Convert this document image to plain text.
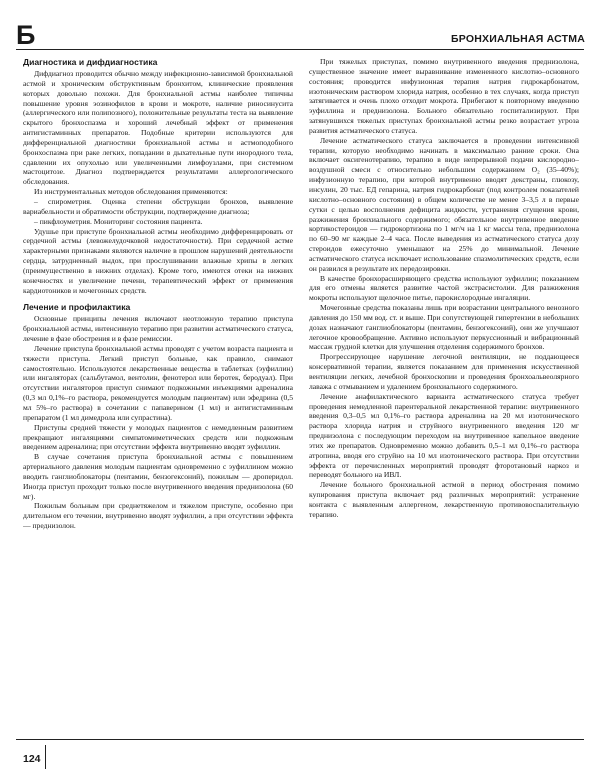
Б	БРОНХИАЛЬНАЯ АСТМА
Диагностика и дифдиагностика

Дифдиагноз проводится обычно между инфекционно-зависимой бронхиальной астмой и хроническим обструктивным бронхитом, клинические проявления которых довольно похожи. Для бронхиальной астмы наиболее типичны повышение уровня эозинофилов в крови и мокроте, наличие риносинусита (аллергического или полипозного), положительные результаты теста на выявление скрытого бронхоспазма и хороший лечебный эффект от применения антигистаминных препаратов. Подобные критерии используются для дифференциальной диагностики бронхиальной астмы и астмоподобного бронхоспазма при раке легких, попадании в дыхательные пути инородного тела, сдавлении их опухолью или увеличенными лимфоузлами, при системном мастоцитозе. Диагноз подтверждается результатами аллергологического обследования.

Из инструментальных методов обследования применяются:

– спирометрия. Оценка степени обструкции бронхов, выявление вариабельности и обратимости обструкции, подтверждение диагноза;

– пикфлоуметрия. Мониторинг состояния пациента.

Удушье при приступе бронхиальной астмы необходимо дифференцировать от сердечной астмы (левожелудочковой недостаточности). При сердечной астме характерными признаками являются наличие в прошлом нарушений деятельности сердца, затрудненный выдох, при прослушивании влажные хрипы в легких (преимущественно в нижних отделах). Кроме того, имеются отеки на нижних конечностях и увеличение печени, терапевтический эффект от применения кардиотоников и мочегонных средств.

Лечение и профилактика

Основные принципы лечения включают неотложную терапию приступа бронхиальной астмы, интенсивную терапию при развитии астматического статуса, лечение в фазе обострения и в фазе ремиссии.

Лечение приступа бронхиальной астмы проводят с учетом возраста пациента и тяжести приступа. Легкий приступ больные, как правило, снимают самостоятельно. Используются лекарственные вещества в таблетках (эуфиллин) или ингаляторах (сальбутамол, вентолин, фенотерол или беротек, беродуал). При отсутствии ингаляторов приступ снимают подкожными инъекциями адреналина (0,3 мл 0,1%–го раствора, рекомендуется молодым пациентам) или эфедрина (0,5 мл 5%–го раствора) в сочетании с папаверином (1 мл) и антигистаминным препаратом (1 мл димедрола или супрастина).

Приступы средней тяжести у молодых пациентов с немедленным развитием прекращают ингаляциями симпатомиметических средств или подкожным введением адреналина; при отсутствии эффекта внутривенно вводят эуфиллин.

В случае сочетания приступа бронхиальной астмы с повышением артериального давления молодым пациентам одновременно с эуфиллином можно вводить ганглиоблокаторы (пентамин, бензогексоний), пожилым — дроперидол. Иногда приступ проходит только после внутривенного введения преднизолона (60 мг).

Пожилым больным при среднетяжелом и тяжелом приступе, особенно при длительном его течении, внутривенно вводят эуфиллин, а при отсутствии эффекта — преднизолон.

При тяжелых приступах, помимо внутривенного введения преднизолона, существенное значение имеет выравнивание измененного кислотно–основного состояния; проводится инфузионная терапия натрия гидрокарбонатом, изотоническим раствором хлорида натрия, особенно в тех случаях, когда приступ затягивается и очень плохо отходит мокрота. Прибегают к повторному введению эуфиллина и преднизолона. Больного обязательно госпитализируют. При затянувшихся тяжелых приступах бронхиальной астмы резко возрастает угроза развития астматического статуса.

Лечение астматического статуса заключается в проведении интенсивной терапии, которую необходимо начинать в максимально ранние сроки. Она включает оксигенотерапию, терапию в виде непрерывной подачи кислородно–воздушной смеси с относительно небольшим содержанием O₂ (35–40%); инфузионную терапию, при которой внутривенно вводят декстраны, глюкозу, инсулин, 20 тыс. ЕД гепарина, натрия гидрокарбонат (под контролем показателей кислотно–основного состояния) в общем количестве не менее 3–3,5 л в первые сутки с целью восполнения дефицита жидкости, устранения сгущения крови, разжижения бронхиального содержимого; обязательное внутривенное введение кортикостероидов — гидрокортизона по 1 мг/ч на 1 кг массы тела, преднизолона по 60–90 мг каждые 2–4 часа. После выведения из астматического статуса дозу стероидов ежесуточно уменьшают на 25% до минимальной. Лечение астматического статуса исключает использование спазмолитических средств, если он развился в результате их передозировки.

В качестве бронхорасширяющего средства используют эуфиллин; показанием для его отмены является развитие частой экстрасистолии. Для разжижения мокроты используют щелочное питье, парокислородные ингаляции.

Мочегонные средства показаны лишь при возрастании центрального венозного давления до 150 мм вод. ст. и выше. При сопутствующей гипертензии в небольших дозах назначают ганглиоблокаторы (пентамин, бензогексоний), они же улучшают легочное кровообращение. Активно используют перкуссионный и вибрационный массаж грудной клетки для улучшения отделения содержимого бронхов.

Прогрессирующее нарушение легочной вентиляции, не поддающееся консервативной терапии, является показанием для применения искусственной вентиляции легких, лечебной бронхоскопии и проведения бронхоальвеолярного лаважа с отмыванием и удалением бронхиального содержимого.

Лечение анафилактического варианта астматического статуса требует проведения немедленной парентеральной лекарственной терапии: внутривенного введения 0,3–0,5 мл 0,1%–го раствора адреналина на 20 мл изотонического раствора хлорида натрия и струйного внутривенного введения 120 мг преднизолона с последующим переходом на внутривенное капельное введение этих же препаратов. Одновременно можно добавить 0,5–1 мл 0,1%–го раствора атропина, вводя его струйно на 10 мл изотонического раствора. При отсутствии эффекта от перечисленных мероприятий проводят фторотановый наркоз и переводят больного на ИВЛ.

Лечение больного бронхиальной астмой в период обострения помимо купирования приступа включает ряд различных мероприятий: устранение контакта с выявленным аллергеном, лекарственную противовоспалительную терапию.

124
